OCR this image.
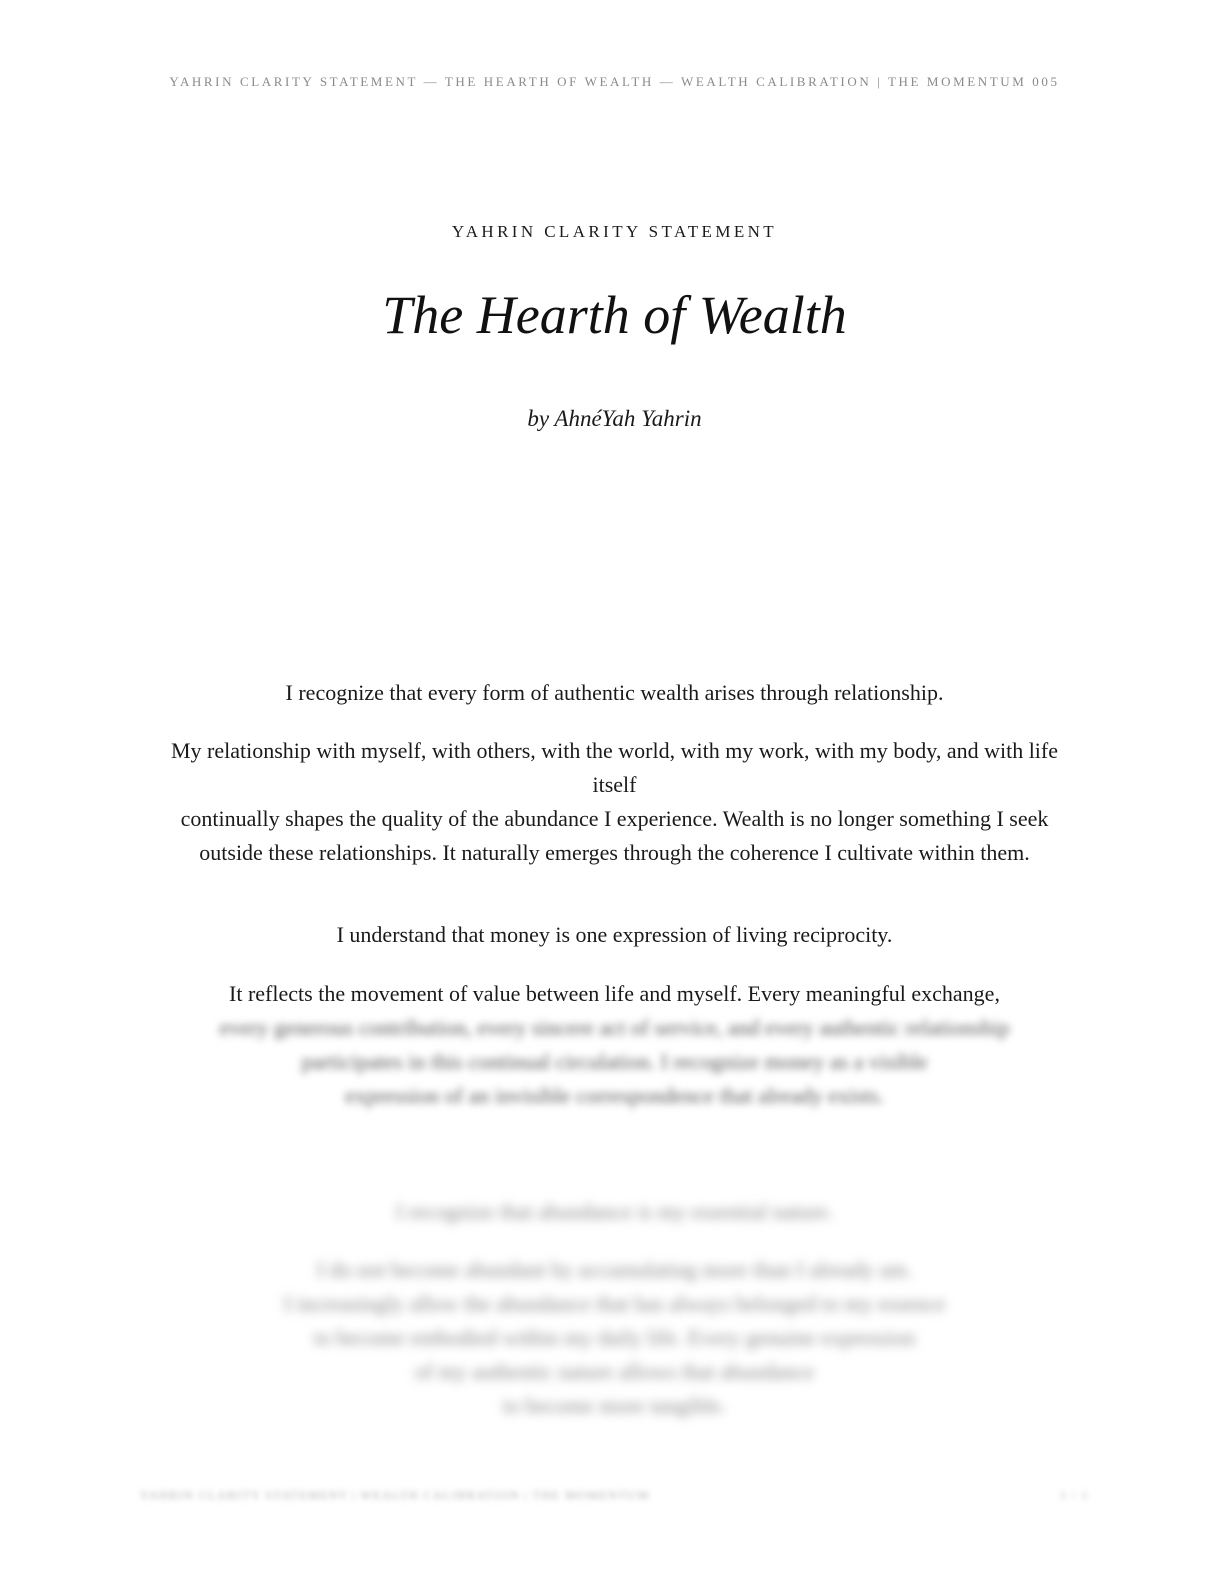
YAHRIN CLARITY STATEMENT — THE HEARTH OF WEALTH — WEALTH CALIBRATION | THE MOMENTUM 005
YAHRIN CLARITY STATEMENT
The Hearth of Wealth
by AhnéYah Yahrin
I recognize that every form of authentic wealth arises through relationship.
My relationship with myself, with others, with the world, with my work, with my body, and with life itself
continually shapes the quality of the abundance I experience. Wealth is no longer something I seek
outside these relationships. It naturally emerges through the coherence I cultivate within them.
I understand that money is one expression of living reciprocity.
It reflects the movement of value between life and myself. Every meaningful exchange,
every generous contribution, every sincere act of service, and every authentic relationship
participates in this continual circulation. I recognize money as a visible
expression of an invisible correspondence that already exists.
I recognize that abundance is my essential nature.
I do not become abundant by accumulating more than I already am.
I increasingly allow the abundance that has always belonged to my essence
to become embodied within my daily life. Every genuine expression
of my authentic nature allows that abundance
to become more tangible.
YAHRIN CLARITY STATEMENT | WEALTH CALIBRATION | THE MOMENTUM	1 / 1
